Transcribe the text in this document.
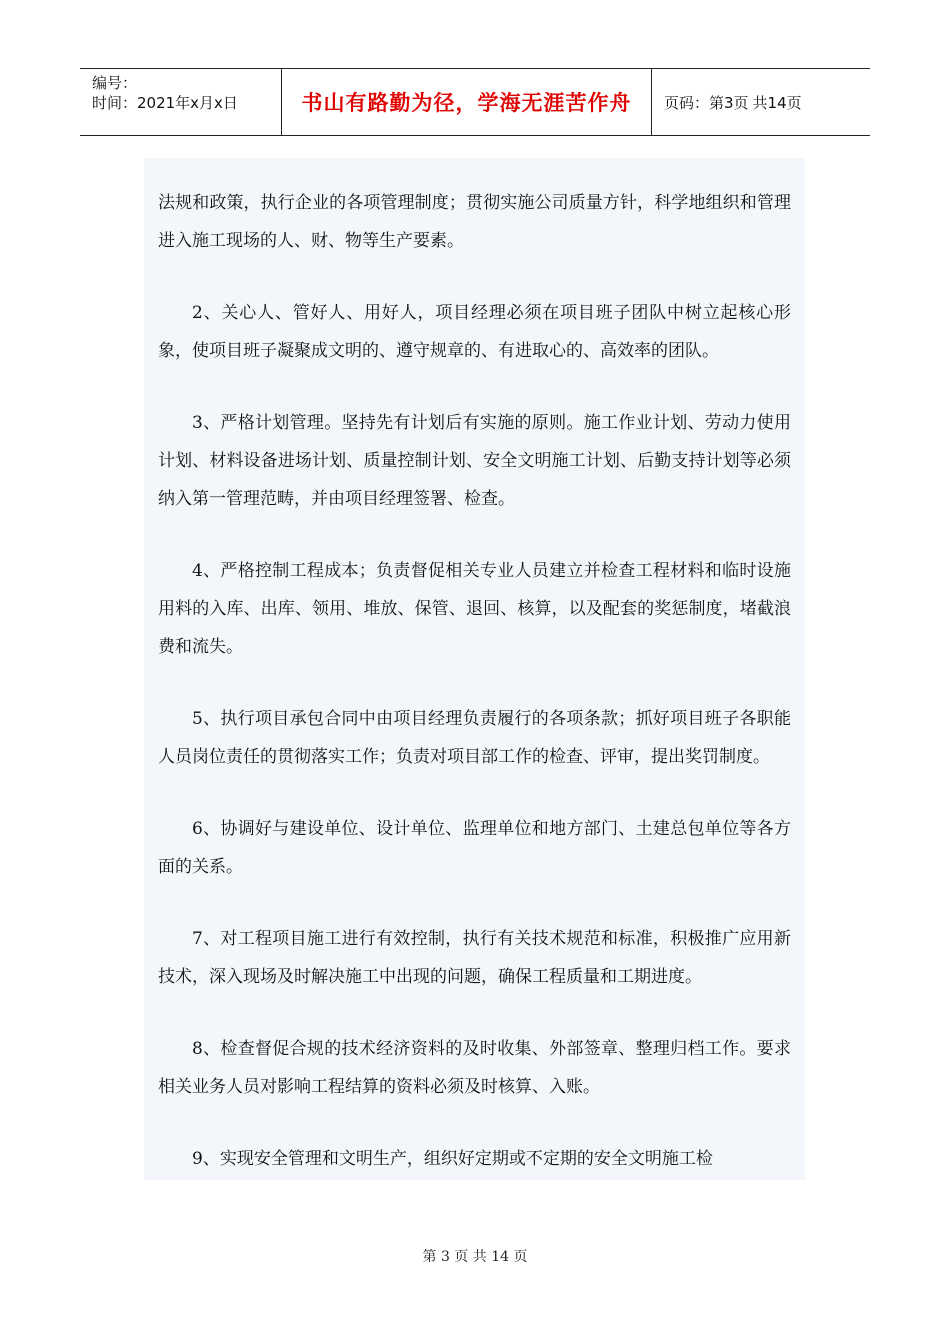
编号：
时间：2021年x月x日	书山有路勤为径，学海无涯苦作舟	页码：第3页 共14页

法规和政策，执行企业的各项管理制度；贯彻实施公司质量方针，科学地组织和管理进入施工现场的人、财、物等生产要素。

2、关心人、管好人、用好人，项目经理必须在项目班子团队中树立起核心形象，使项目班子凝聚成文明的、遵守规章的、有进取心的、高效率的团队。

3、严格计划管理。坚持先有计划后有实施的原则。施工作业计划、劳动力使用计划、材料设备进场计划、质量控制计划、安全文明施工计划、后勤支持计划等必须纳入第一管理范畴，并由项目经理签署、检查。

4、严格控制工程成本；负责督促相关专业人员建立并检查工程材料和临时设施用料的入库、出库、领用、堆放、保管、退回、核算，以及配套的奖惩制度，堵截浪费和流失。

5、执行项目承包合同中由项目经理负责履行的各项条款；抓好项目班子各职能人员岗位责任的贯彻落实工作；负责对项目部工作的检查、评审，提出奖罚制度。

6、协调好与建设单位、设计单位、监理单位和地方部门、土建总包单位等各方面的关系。

7、对工程项目施工进行有效控制，执行有关技术规范和标准，积极推广应用新技术，深入现场及时解决施工中出现的问题，确保工程质量和工期进度。

8、检查督促合规的技术经济资料的及时收集、外部签章、整理归档工作。要求相关业务人员对影响工程结算的资料必须及时核算、入账。

9、实现安全管理和文明生产，组织好定期或不定期的安全文明施工检

第 3 页 共 14 页
